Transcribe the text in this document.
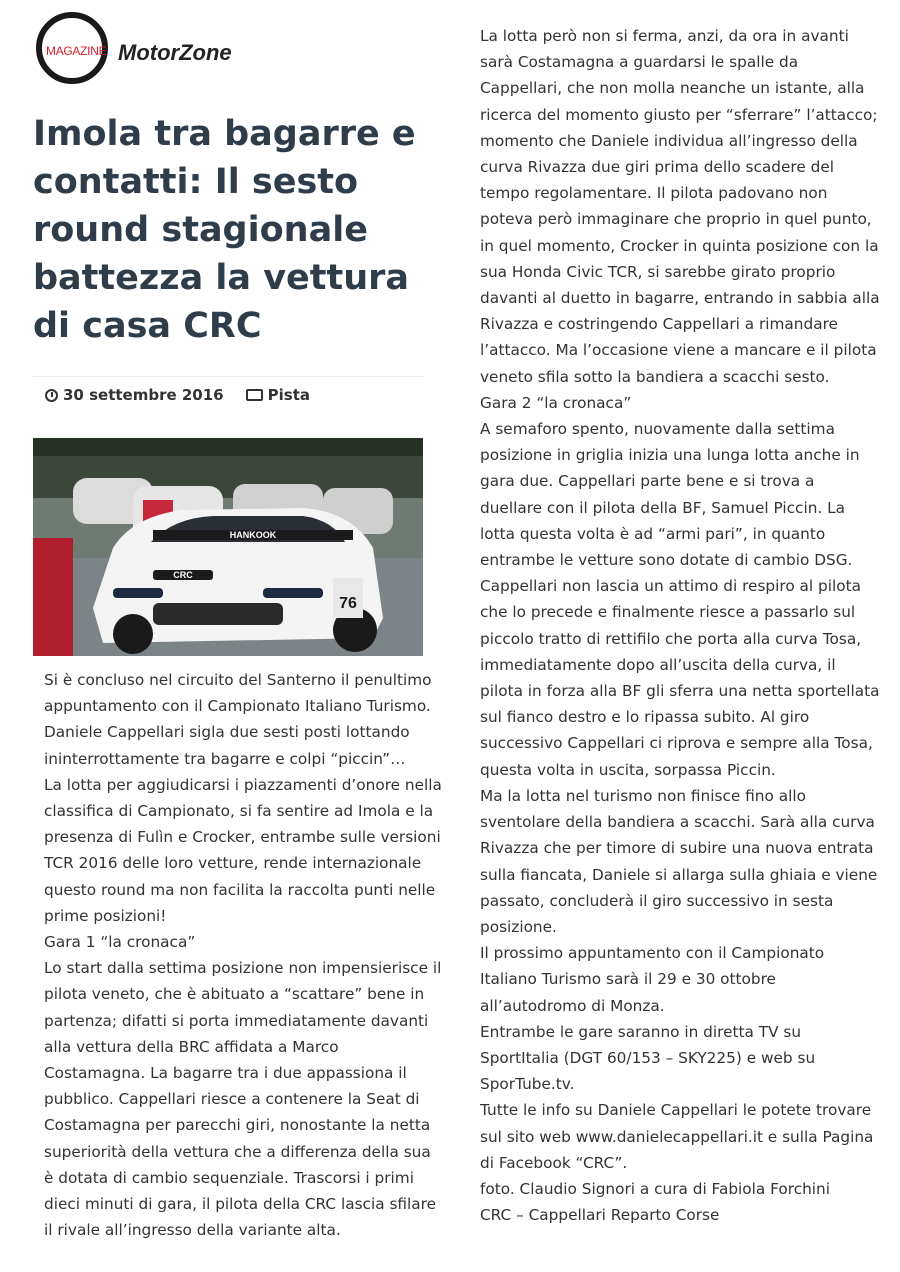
MAGAZINE MotorZone
Imola tra bagarre e contatti: Il sesto round stagionale battezza la vettura di casa CRC
30 settembre 2016	Pista
HANKOOK
CRC
76

Si è concluso nel circuito del Santerno il penultimo appuntamento con il Campionato Italiano Turismo.

Daniele Cappellari sigla due sesti posti lottando ininterrottamente tra bagarre e colpi “piccin”…

La lotta per aggiudicarsi i piazzamenti d’onore nella classifica di Campionato, si fa sentire ad Imola e la presenza di Fulìn e Crocker, entrambe sulle versioni TCR 2016 delle loro vetture, rende internazionale questo round ma non facilita la raccolta punti nelle prime posizioni!

Gara 1 “la cronaca”

Lo start dalla settima posizione non impensierisce il pilota veneto, che è abituato a “scattare” bene in partenza; difatti si porta immediatamente davanti alla vettura della BRC affidata a Marco Costamagna. La bagarre tra i due appassiona il pubblico. Cappellari riesce a contenere la Seat di Costamagna per parecchi giri, nonostante la netta superiorità della vettura che a differenza della sua è dotata di cambio sequenziale. Trascorsi i primi dieci minuti di gara, il pilota della CRC lascia sfilare il rivale all’ingresso della variante alta.

La lotta però non si ferma, anzi, da ora in avanti sarà Costamagna a guardarsi le spalle da Cappellari, che non molla neanche un istante, alla ricerca del momento giusto per “sferrare” l’attacco; momento che Daniele individua all’ingresso della curva Rivazza due giri prima dello scadere del tempo regolamentare. Il pilota padovano non poteva però immaginare che proprio in quel punto, in quel momento, Crocker in quinta posizione con la sua Honda Civic TCR, si sarebbe girato proprio davanti al duetto in bagarre, entrando in sabbia alla Rivazza e costringendo Cappellari a rimandare l’attacco. Ma l’occasione viene a mancare e il pilota veneto sfila sotto la bandiera a scacchi sesto.

Gara 2 “la cronaca”

A semaforo spento, nuovamente dalla settima posizione in griglia inizia una lunga lotta anche in gara due. Cappellari parte bene e si trova a duellare con il pilota della BF, Samuel Piccin. La lotta questa volta è ad “armi pari”, in quanto entrambe le vetture sono dotate di cambio DSG. Cappellari non lascia un attimo di respiro al pilota che lo precede e finalmente riesce a passarlo sul piccolo tratto di rettifilo che porta alla curva Tosa, immediatamente dopo all’uscita della curva, il pilota in forza alla BF gli sferra una netta sportellata sul fianco destro e lo ripassa subito. Al giro successivo Cappellari ci riprova e sempre alla Tosa, questa volta in uscita, sorpassa Piccin.

Ma la lotta nel turismo non finisce fino allo sventolare della bandiera a scacchi. Sarà alla curva Rivazza che per timore di subire una nuova entrata sulla fiancata, Daniele si allarga sulla ghiaia e viene passato, concluderà il giro successivo in sesta posizione.

Il prossimo appuntamento con il Campionato Italiano Turismo sarà il 29 e 30 ottobre all’autodromo di Monza.

Entrambe le gare saranno in diretta TV su SportItalia (DGT 60/153 – SKY225) e web su SporTube.tv.

Tutte le info su Daniele Cappellari le potete trovare sul sito web www.danielecappellari.it e sulla Pagina di Facebook “CRC”.

foto. Claudio Signori a cura di Fabiola Forchini

CRC – Cappellari Reparto Corse
